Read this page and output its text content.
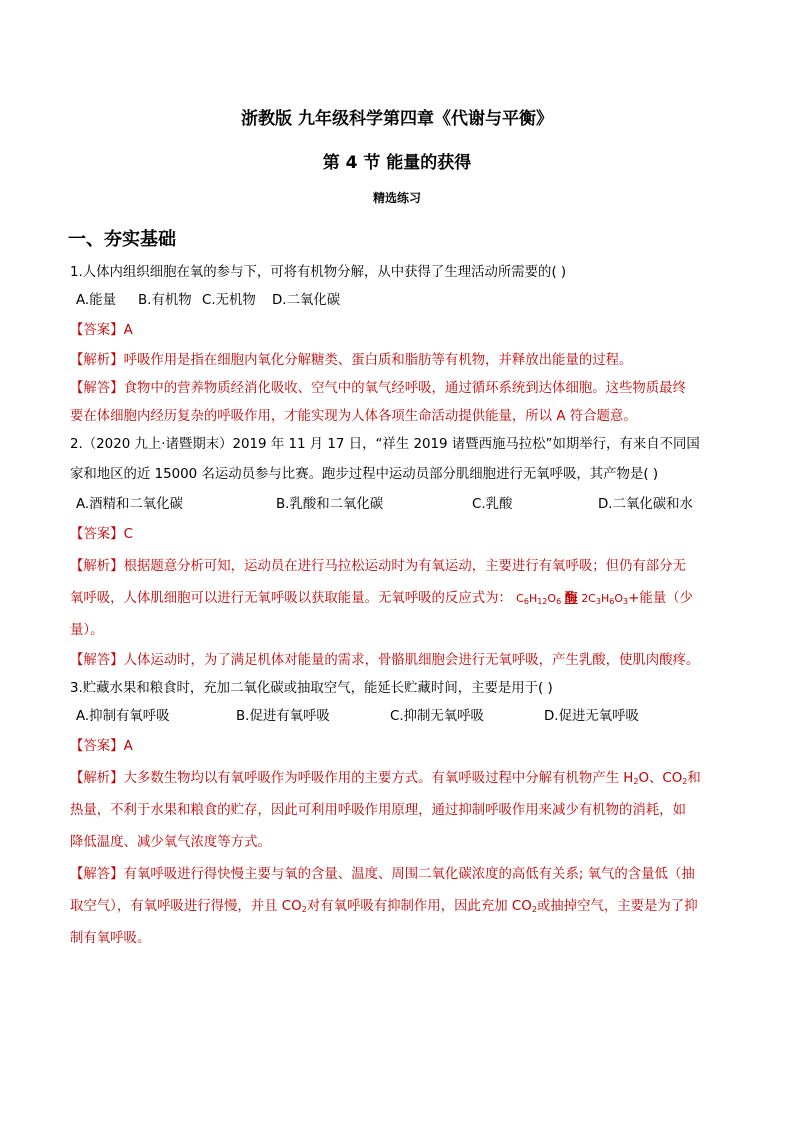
浙教版 九年级科学第四章《代谢与平衡》
第 4 节 能量的获得
精选练习
一、夯实基础
1.人体内组织细胞在氧的参与下，可将有机物分解，从中获得了生理活动所需要的( )
A.能量	B.有机物 C.无机物	D.二氧化碳
【答案】A
【解析】呼吸作用是指在细胞内氧化分解糖类、蛋白质和脂肪等有机物，并释放出能量的过程。
【解答】食物中的营养物质经消化吸收、空气中的氧气经呼吸，通过循环系统到达体细胞。这些物质最终
要在体细胞内经历复杂的呼吸作用，才能实现为人体各项生命活动提供能量，所以 A 符合题意。
2.（2020 九上·诸暨期末）2019 年 11 月 17 日，“祥生 2019 诸暨西施马拉松”如期举行，有来自不同国
家和地区的近 15000 名运动员参与比赛。跑步过程中运动员部分肌细胞进行无氧呼吸，其产物是( )
A.酒精和二氧化碳	B.乳酸和二氧化碳	C.乳酸	D.二氧化碳和水
【答案】C
【解析】根据题意分析可知，运动员在进行马拉松运动时为有氧运动，主要进行有氧呼吸；但仍有部分无
氧呼吸，人体肌细胞可以进行无氧呼吸以获取能量。无氧呼吸的反应式为： $C_6H_{12}O_6$ 酶 $2C_3H_6O_3+$能量（少
量）。
【解答】人体运动时，为了满足机体对能量的需求，骨骼肌细胞会进行无氧呼吸，产生乳酸，使肌肉酸疼。
3.贮藏水果和粮食时，充加二氧化碳或抽取空气，能延长贮藏时间，主要是用于( )
A.抑制有氧呼吸	B.促进有氧呼吸	C.抑制无氧呼吸	D.促进无氧呼吸
【答案】A
【解析】大多数生物均以有氧呼吸作为呼吸作用的主要方式。有氧呼吸过程中分解有机物产生 $H_2O$、$CO_2$和
热量，不利于水果和粮食的贮存，因此可利用呼吸作用原理，通过抑制呼吸作用来减少有机物的消耗，如
降低温度、减少氧气浓度等方式。
【解答】有氧呼吸进行得快慢主要与氧的含量、温度、周围二氧化碳浓度的高低有关系; 氧气的含量低（抽
取空气），有氧呼吸进行得慢，并且 $CO_2$对有氧呼吸有抑制作用，因此充加 $CO_2$或抽掉空气，主要是为了抑
制有氧呼吸。
